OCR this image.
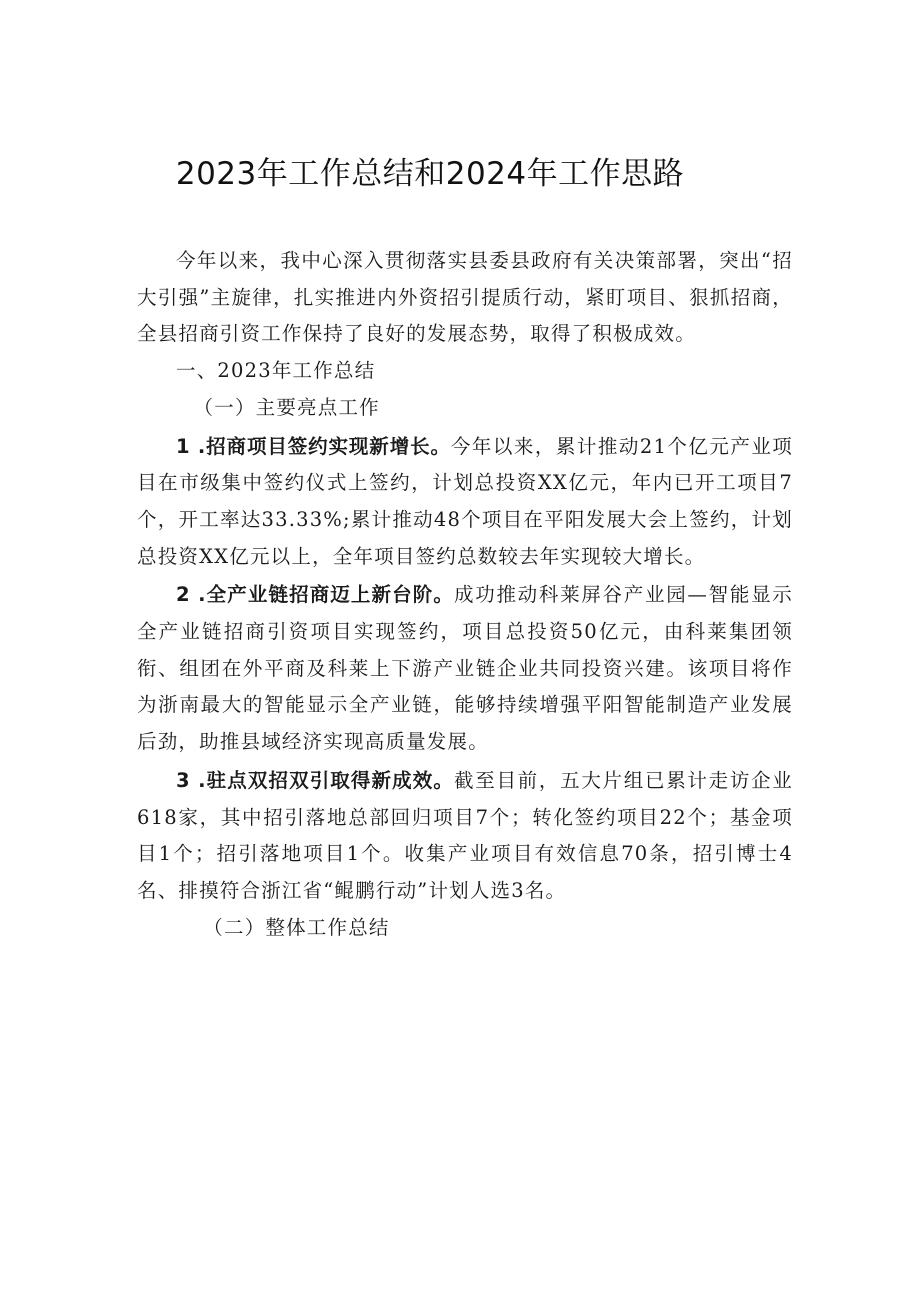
2023年工作总结和2024年工作思路

今年以来，我中心深入贯彻落实县委县政府有关决策部署，突出“招大引强”主旋律，扎实推进内外资招引提质行动，紧盯项目、狠抓招商，全县招商引资工作保持了良好的发展态势，取得了积极成效。

一、2023年工作总结

（一）主要亮点工作

1 .招商项目签约实现新增长。今年以来，累计推动21个亿元产业项目在市级集中签约仪式上签约，计划总投资XX亿元，年内已开工项目7个，开工率达33.33%;累计推动48个项目在平阳发展大会上签约，计划总投资XX亿元以上，全年项目签约总数较去年实现较大增长。

2 .全产业链招商迈上新台阶。成功推动科莱屏谷产业园—智能显示全产业链招商引资项目实现签约，项目总投资50亿元，由科莱集团领衔、组团在外平商及科莱上下游产业链企业共同投资兴建。该项目将作为浙南最大的智能显示全产业链，能够持续增强平阳智能制造产业发展后劲，助推县域经济实现高质量发展。

3 .驻点双招双引取得新成效。截至目前，五大片组已累计走访企业618家，其中招引落地总部回归项目7个；转化签约项目22个；基金项目1个；招引落地项目1个。收集产业项目有效信息70条，招引博士4名、排摸符合浙江省“鲲鹏行动”计划人选3名。

（二）整体工作总结
